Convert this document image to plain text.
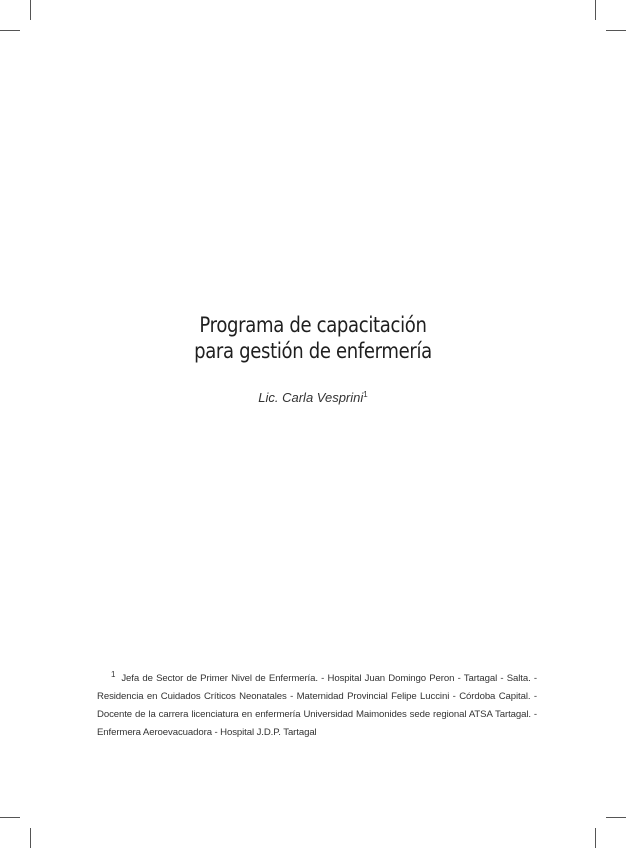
Programa de capacitación
para gestión de enfermería
Lic. Carla Vesprini$^1$
1 Jefa de Sector de Primer Nivel de Enfermería. - Hospital Juan Domingo Peron - Tartagal - Salta. - Residencia en Cuidados Críticos Neonatales - Maternidad Provincial Felipe Luccini - Córdoba Capital. - Docente de la carrera licenciatura en enfermería Universidad Maimonides sede regional ATSA Tartagal. - Enfermera Aeroevacuadora - Hospital J.D.P. Tartagal
